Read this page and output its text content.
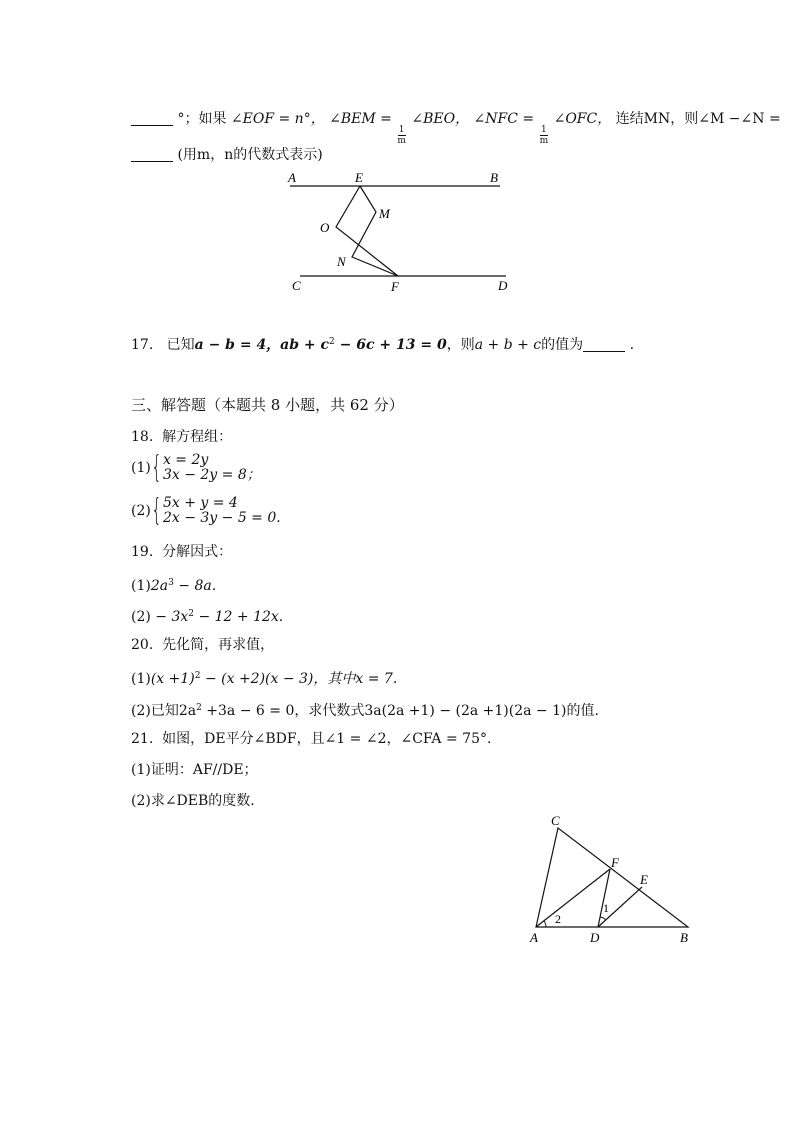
°；如果 ∠EOF = n°， ∠BEM =
$\frac{1}{m}$
∠BEO， ∠NFC =
$\frac{1}{m}$
∠OFC， 连结MN，则∠M −∠N =
(用m，n的代数式表示)
A	E	B
M
O
N
C	F	D
17. 已知a − b = 4，ab + $c^2 - 6c + 13 = 0$，则a + b + c的值为	.
三、解答题（本题共 8 小题，共 62 分）
18. 解方程组：
(1) { x = 2y
3x − 2y = 8；
(2) { 5x + y = 4
2x − 3y − 5 = 0.
19. 分解因式：
$(1)2a^3 - 8a$.
$(2) - 3x^2 - 12 + 12x$.
20. 先化简，再求值，
$(1)(x +1)^2 - (x +2)(x - 3)$，其中x = 7.
(2)已知$2a^2 +3a - 6 = 0$，求代数式3a(2a +1) − (2a +1)(2a − 1)的值.
21. 如图，DE平分∠BDF，且∠1 = ∠2，∠CFA = 75°.
(1)证明：AF//DE；
(2)求∠DEB的度数.
C
F
E
2
1
A	D	B
